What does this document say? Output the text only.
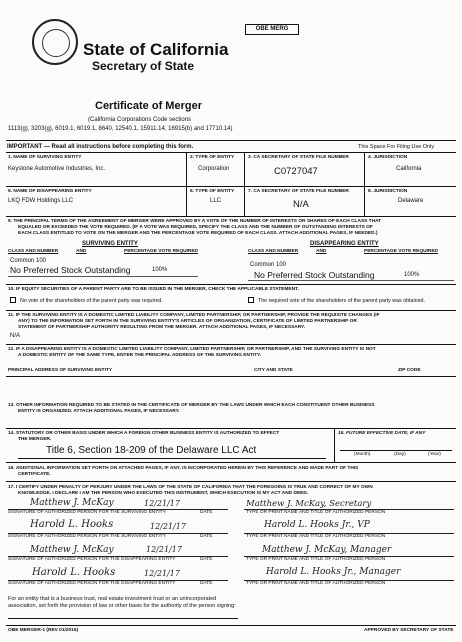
OBE MERG
State of California
Secretary of State
Certificate of Merger
(California Corporations Code sections
1113(g), 3203(g), 6019.1, 6019.1, 8640, 12540.1, 15911.14, 16915(b) and 17710.14)
IMPORTANT — Read all instructions before completing this form.	This Space For Filing Use Only
1. NAME OF SURVIVING ENTITY
Keystone Automotive Industries, Inc.
2. TYPE OF ENTITY
Corporation
3. CA SECRETARY OF STATE FILE NUMBER
C0727047
4. JURISDICTION
California
5. NAME OF DISAPPEARING ENTITY
LKQ FDW Holdings LLC
6. TYPE OF ENTITY
LLC
7. CA SECRETARY OF STATE FILE NUMBER
N/A
8. JURISDICTION
Delaware
9. THE PRINCIPAL TERMS OF THE AGREEMENT OF MERGER WERE APPROVED BY A VOTE OF THE NUMBER OF INTERESTS OR SHARES OF EACH CLASS THAT
EQUALED OR EXCEEDED THE VOTE REQUIRED. (IF A VOTE WAS REQUIRED, SPECIFY THE CLASS AND THE NUMBER OF OUTSTANDING INTERESTS OF
EACH CLASS ENTITLED TO VOTE ON THE MERGER AND THE PERCENTAGE VOTE REQUIRED OF EACH CLASS. ATTACH ADDITIONAL PAGES, IF NEEDED.)
SURVIVING ENTITY	DISAPPEARING ENTITY
CLASS AND NUMBER	AND	PERCENTAGE VOTE REQUIRED	CLASS AND NUMBER	AND	PERCENTAGE VOTE REQUIRED
Common 100
No Preferred Stock Outstanding	100%
Common 100
No Preferred Stock Outstanding	100%
10. IF EQUITY SECURITIES OF A PARENT PARTY ARE TO BE ISSUED IN THE MERGER, CHECK THE APPLICABLE STATEMENT.
No vote of the shareholders of the parent party was required.	The required vote of the shareholders of the parent party was obtained.
11. IF THE SURVIVING ENTITY IS A DOMESTIC LIMITED LIABILITY COMPANY, LIMITED PARTNERSHIP, OR PARTNERSHIP, PROVIDE THE REQUISITE CHANGES (IF
ANY) TO THE INFORMATION SET FORTH IN THE SURVIVING ENTITY'S ARTICLES OF ORGANIZATION, CERTIFICATE OF LIMITED PARTNERSHIP OR
STATEMENT OF PARTNERSHIP AUTHORITY RESULTING FROM THE MERGER. ATTACH ADDITIONAL PAGES, IF NECESSARY.
N/A
12. IF A DISAPPEARING ENTITY IS A DOMESTIC LIMITED LIABILITY COMPANY, LIMITED PARTNERSHIP, OR PARTNERSHIP, AND THE SURVIVING ENTITY IS NOT
A DOMESTIC ENTITY OF THE SAME TYPE, ENTER THE PRINCIPAL ADDRESS OF THE SURVIVING ENTITY.
PRINCIPAL ADDRESS OF SURVIVING ENTITY	CITY AND STATE	ZIP CODE
13. OTHER INFORMATION REQUIRED TO BE STATED IN THE CERTIFICATE OF MERGER BY THE LAWS UNDER WHICH EACH CONSTITUENT OTHER BUSINESS
ENTITY IS ORGANIZED. ATTACH ADDITIONAL PAGES, IF NECESSARY.
14. STATUTORY OR OTHER BASIS UNDER WHICH A FOREIGN OTHER BUSINESS ENTITY IS AUTHORIZED TO EFFECT
THE MERGER.
Title 6, Section 18-209 of the Delaware LLC Act
15. FUTURE EFFECTIVE DATE, IF ANY
(Month)	(Day)	(Year)
16. ADDITIONAL INFORMATION SET FORTH ON ATTACHED PAGES, IF ANY, IS INCORPORATED HEREIN BY THIS REFERENCE AND MADE PART OF THIS
CERTIFICATE.
17. I CERTIFY UNDER PENALTY OF PERJURY UNDER THE LAWS OF THE STATE OF CALIFORNIA THAT THE FOREGOING IS TRUE AND CORRECT OF MY OWN
KNOWLEDGE. I DECLARE I AM THE PERSON WHO EXECUTED THIS INSTRUMENT, WHICH EXECUTION IS MY ACT AND DEED.
Matthew J. McKay	12/21/17	Matthew J. McKay, Secretary
SIGNATURE OF AUTHORIZED PERSON FOR THE SURVIVING ENTITY	DATE	TYPE OR PRINT NAME AND TITLE OF AUTHORIZED PERSON
Harold L. Hooks	12/21/17	Harold L. Hooks Jr., VP
SIGNATURE OF AUTHORIZED PERSON FOR THE SURVIVING ENTITY	DATE	TYPE OR PRINT NAME AND TITLE OF AUTHORIZED PERSON
Matthew J. McKay	12/21/17	Matthew J. McKay, Manager
SIGNATURE OF AUTHORIZED PERSON FOR THE DISAPPEARING ENTITY	DATE	TYPE OR PRINT NAME AND TITLE OF AUTHORIZED PERSON
Harold L. Hooks	12/21/17	Harold L. Hooks Jr., Manager
SIGNATURE OF AUTHORIZED PERSON FOR THE DISAPPEARING ENTITY	DATE	TYPE OR PRINT NAME AND TITLE OF AUTHORIZED PERSON
For an entity that is a business trust, real estate investment trust or an unincorporated
association, set forth the provision of law or other basis for the authority of the person signing:
OBE MERGER-1 (REV 01/2016)	APPROVED BY SECRETARY OF STATE
